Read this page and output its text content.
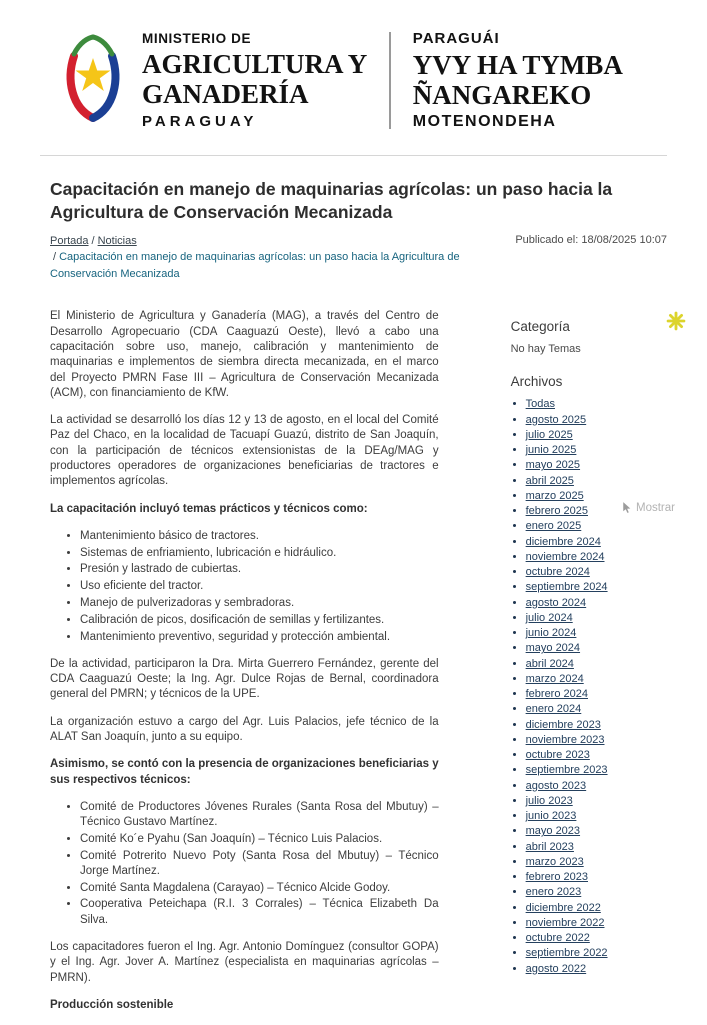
MINISTERIO DE
AGRICULTURA Y
GANADERÍA
PARAGUAY
PARAGUÁI
YVY HA TYMBA
ÑANGAREKO
MOTENONDEHA
Capacitación en manejo de maquinarias agrícolas: un paso hacia la Agricultura de Conservación Mecanizada
Portada / Noticias
/ Capacitación en manejo de maquinarias agrícolas: un paso hacia la Agricultura de Conservación Mecanizada
Publicado el: 18/08/2025 10:07

El Ministerio de Agricultura y Ganadería (MAG), a través del Centro de Desarrollo Agropecuario (CDA Caaguazú Oeste), llevó a cabo una capacitación sobre uso, manejo, calibración y mantenimiento de maquinarias e implementos de siembra directa mecanizada, en el marco del Proyecto PMRN Fase III – Agricultura de Conservación Mecanizada (ACM), con financiamiento de KfW.

La actividad se desarrolló los días 12 y 13 de agosto, en el local del Comité Paz del Chaco, en la localidad de Tacuapí Guazú, distrito de San Joaquín, con la participación de técnicos extensionistas de la DEAg/MAG y productores operadores de organizaciones beneficiarias de tractores e implementos agrícolas.

La capacitación incluyó temas prácticos y técnicos como:

• Mantenimiento básico de tractores.
• Sistemas de enfriamiento, lubricación e hidráulico.
• Presión y lastrado de cubiertas.
• Uso eficiente del tractor.
• Manejo de pulverizadoras y sembradoras.
• Calibración de picos, dosificación de semillas y fertilizantes.
• Mantenimiento preventivo, seguridad y protección ambiental.

De la actividad, participaron la Dra. Mirta Guerrero Fernández, gerente del CDA Caaguazú Oeste; la Ing. Agr. Dulce Rojas de Bernal, coordinadora general del PMRN; y técnicos de la UPE.

La organización estuvo a cargo del Agr. Luis Palacios, jefe técnico de la ALAT San Joaquín, junto a su equipo.

Asimismo, se contó con la presencia de organizaciones beneficiarias y sus respectivos técnicos:

• Comité de Productores Jóvenes Rurales (Santa Rosa del Mbutuy) – Técnico Gustavo Martínez.
• Comité Ko´e Pyahu (San Joaquín) – Técnico Luis Palacios.
• Comité Potrerito Nuevo Poty (Santa Rosa del Mbutuy) – Técnico Jorge Martínez.
• Comité Santa Magdalena (Carayao) – Técnico Alcide Godoy.
• Cooperativa Peteichapa (R.I. 3 Corrales) – Técnica Elizabeth Da Silva.

Los capacitadores fueron el Ing. Agr. Antonio Domínguez (consultor GOPA) y el Ing. Agr. Jover A. Martínez (especialista en maquinarias agrícolas – PMRN).

Producción sostenible

Categoría

No hay Temas

Archivos
• Todas
• agosto 2025
• julio 2025
• junio 2025
• mayo 2025
• abril 2025
• marzo 2025
• febrero 2025
• enero 2025
• diciembre 2024
• noviembre 2024
• octubre 2024
• septiembre 2024
• agosto 2024
• julio 2024
• junio 2024
• mayo 2024
• abril 2024
• marzo 2024
• febrero 2024
• enero 2024
• diciembre 2023
• noviembre 2023
• octubre 2023
• septiembre 2023
• agosto 2023
• julio 2023
• junio 2023
• mayo 2023
• abril 2023
• marzo 2023
• febrero 2023
• enero 2023
• diciembre 2022
• noviembre 2022
• octubre 2022
• septiembre 2022
• agosto 2022
Mostrar
